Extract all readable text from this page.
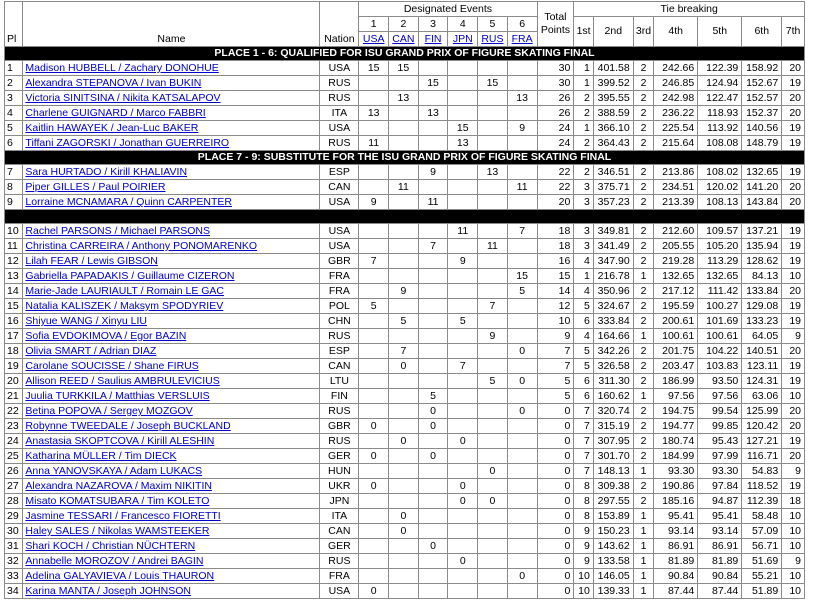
Pl	Name	Nation	Designated Events						Total
Points	Tie breaking						
			1	2	3	4	5	6		1st	2nd	3rd	4th	5th	6th	7th
			USA	CAN	FIN	JPN	RUS	FRA								
PLACE 1 - 6: QUALIFIED FOR ISU GRAND PRIX OF FIGURE SKATING FINAL																
1	Madison HUBBELL / Zachary DONOHUE	USA	15	15					30	1	401.58	2	242.66	122.39	158.92	20
2	Alexandra STEPANOVA / Ivan BUKIN	RUS			15		15		30	1	399.52	2	246.85	124.94	152.67	19
3	Victoria SINITSINA / Nikita KATSALAPOV	RUS		13				13	26	2	395.55	2	242.98	122.47	152.57	20
4	Charlene GUIGNARD / Marco FABBRI	ITA	13		13				26	2	388.59	2	236.22	118.93	152.37	20
5	Kaitlin HAWAYEK / Jean-Luc BAKER	USA				15		9	24	1	366.10	2	225.54	113.92	140.56	19
6	Tiffani ZAGORSKI / Jonathan GUERREIRO	RUS	11			13			24	2	364.43	2	215.64	108.08	148.79	19
PLACE 7 - 9: SUBSTITUTE FOR THE ISU GRAND PRIX OF FIGURE SKATING FINAL																
7	Sara HURTADO / Kirill KHALIAVIN	ESP			9		13		22	2	346.51	2	213.86	108.02	132.65	19
8	Piper GILLES / Paul POIRIER	CAN		11				11	22	3	375.71	2	234.51	120.02	141.20	20
9	Lorraine MCNAMARA / Quinn CARPENTER	USA	9		11				20	3	357.23	2	213.39	108.13	143.84	20

10	Rachel PARSONS / Michael PARSONS	USA				11		7	18	3	349.81	2	212.60	109.57	137.21	19
11	Christina CARREIRA / Anthony PONOMARENKO	USA			7		11		18	3	341.49	2	205.55	105.20	135.94	19
12	Lilah FEAR / Lewis GIBSON	GBR	7			9			16	4	347.90	2	219.28	113.29	128.62	19
13	Gabriella PAPADAKIS / Guillaume CIZERON	FRA						15	15	1	216.78	1	132.65	132.65	84.13	10
14	Marie-Jade LAURIAULT / Romain LE GAC	FRA		9				5	14	4	350.96	2	217.12	111.42	133.84	20
15	Natalia KALISZEK / Maksym SPODYRIEV	POL	5				7		12	5	324.67	2	195.59	100.27	129.08	19
16	Shiyue WANG / Xinyu LIU	CHN		5		5			10	6	333.84	2	200.61	101.69	133.23	19
17	Sofia EVDOKIMOVA / Egor BAZIN	RUS					9		9	4	164.66	1	100.61	100.61	64.05	9
18	Olivia SMART / Adrian DIAZ	ESP		7				0	7	5	342.26	2	201.75	104.22	140.51	20
19	Carolane SOUCISSE / Shane FIRUS	CAN		0		7			7	5	326.58	2	203.47	103.83	123.11	19
20	Allison REED / Saulius AMBRULEVICIUS	LTU					5	0	5	6	311.30	2	186.99	93.50	124.31	19
21	Juulia TURKKILA / Matthias VERSLUIS	FIN			5				5	6	160.62	1	97.56	97.56	63.06	10
22	Betina POPOVA / Sergey MOZGOV	RUS			0			0	0	7	320.74	2	194.75	99.54	125.99	20
23	Robynne TWEEDALE / Joseph BUCKLAND	GBR	0		0				0	7	315.19	2	194.77	99.85	120.42	20
24	Anastasia SKOPTCOVA / Kirill ALESHIN	RUS		0		0			0	7	307.95	2	180.74	95.43	127.21	19
25	Katharina MÜLLER / Tim DIECK	GER	0		0				0	7	301.70	2	184.99	97.99	116.71	20
26	Anna YANOVSKAYA / Adam LUKACS	HUN					0		0	7	148.13	1	93.30	93.30	54.83	9
27	Alexandra NAZAROVA / Maxim NIKITIN	UKR	0			0			0	8	309.38	2	190.86	97.84	118.52	19
28	Misato KOMATSUBARA / Tim KOLETO	JPN				0	0		0	8	297.55	2	185.16	94.87	112.39	18
29	Jasmine TESSARI / Francesco FIORETTI	ITA		0					0	8	153.89	1	95.41	95.41	58.48	10
30	Haley SALES / Nikolas WAMSTEEKER	CAN		0					0	9	150.23	1	93.14	93.14	57.09	10
31	Shari KOCH / Christian NÜCHTERN	GER			0				0	9	143.62	1	86.91	86.91	56.71	10
32	Annabelle MOROZOV / Andrei BAGIN	RUS				0			0	9	133.58	1	81.89	81.89	51.69	9
33	Adelina GALYAVIEVA / Louis THAURON	FRA						0	0	10	146.05	1	90.84	90.84	55.21	10
34	Karina MANTA / Joseph JOHNSON	USA	0						0	10	139.33	1	87.44	87.44	51.89	10
